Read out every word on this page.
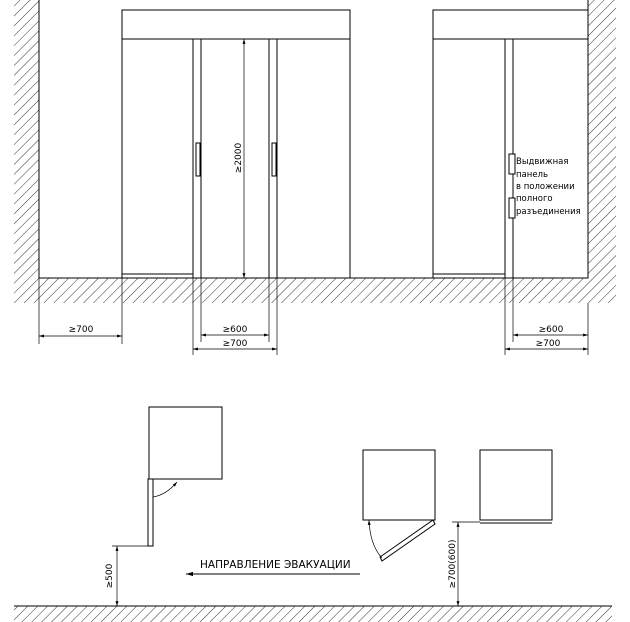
≥700	≥600
≥700
≥600
≥700
≥2000	Выдвижная
панель
в положении
полного
разъединения
≥500	≥700(600)
НАПРАВЛЕНИЕ ЭВАКУАЦИИ
